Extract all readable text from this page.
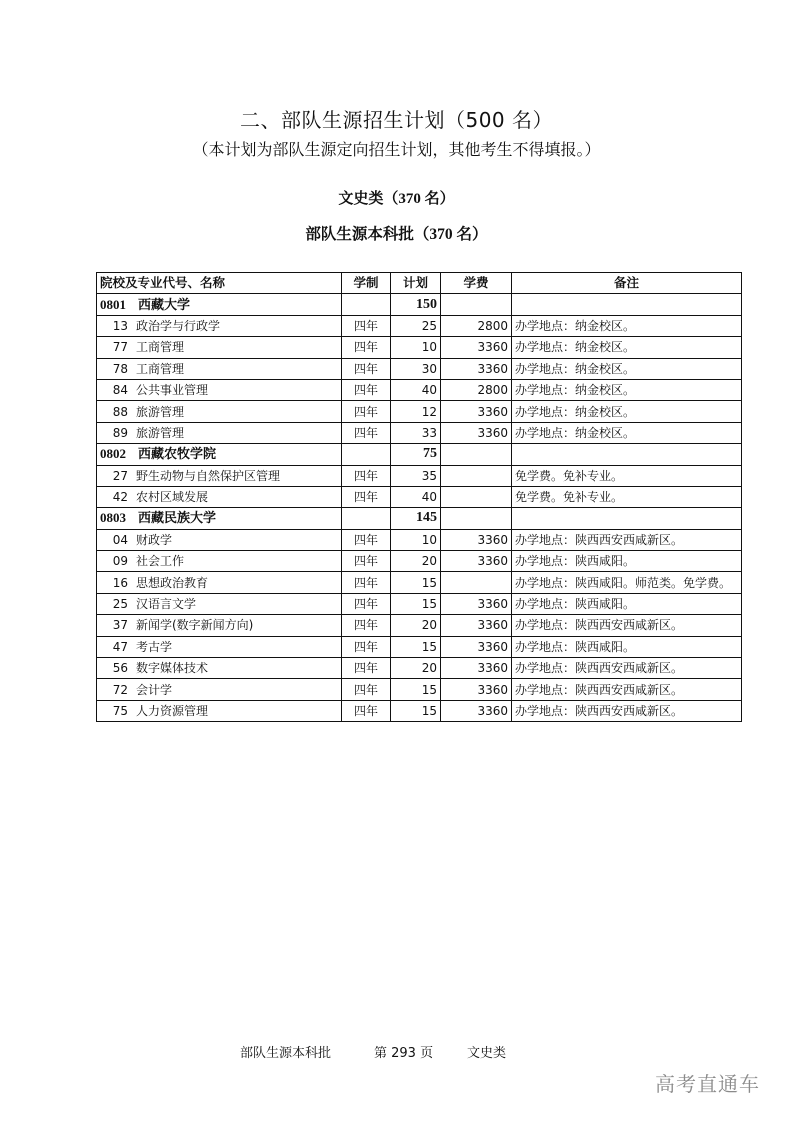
二、部队生源招生计划（500 名）
（本计划为部队生源定向招生计划，其他考生不得填报。）
文史类（370 名）
部队生源本科批（370 名）
院校及专业代号、名称	学制	计划	学费	备注
0801 西藏大学		150		
13 政治学与行政学	四年	25	2800	办学地点：纳金校区。
77 工商管理	四年	10	3360	办学地点：纳金校区。
78 工商管理	四年	30	3360	办学地点：纳金校区。
84 公共事业管理	四年	40	2800	办学地点：纳金校区。
88 旅游管理	四年	12	3360	办学地点：纳金校区。
89 旅游管理	四年	33	3360	办学地点：纳金校区。
0802 西藏农牧学院		75		
27 野生动物与自然保护区管理	四年	35		免学费。免补专业。
42 农村区域发展	四年	40		免学费。免补专业。
0803 西藏民族大学		145		
04 财政学	四年	10	3360	办学地点：陕西西安西咸新区。
09 社会工作	四年	20	3360	办学地点：陕西咸阳。
16 思想政治教育	四年	15		办学地点：陕西咸阳。师范类。免学费。
25 汉语言文学	四年	15	3360	办学地点：陕西咸阳。
37 新闻学(数字新闻方向)	四年	20	3360	办学地点：陕西西安西咸新区。
47 考古学	四年	15	3360	办学地点：陕西咸阳。
56 数字媒体技术	四年	20	3360	办学地点：陕西西安西咸新区。
72 会计学	四年	15	3360	办学地点：陕西西安西咸新区。
75 人力资源管理	四年	15	3360	办学地点：陕西西安西咸新区。
部队生源本科批	第 293 页	文史类
高考直通车
